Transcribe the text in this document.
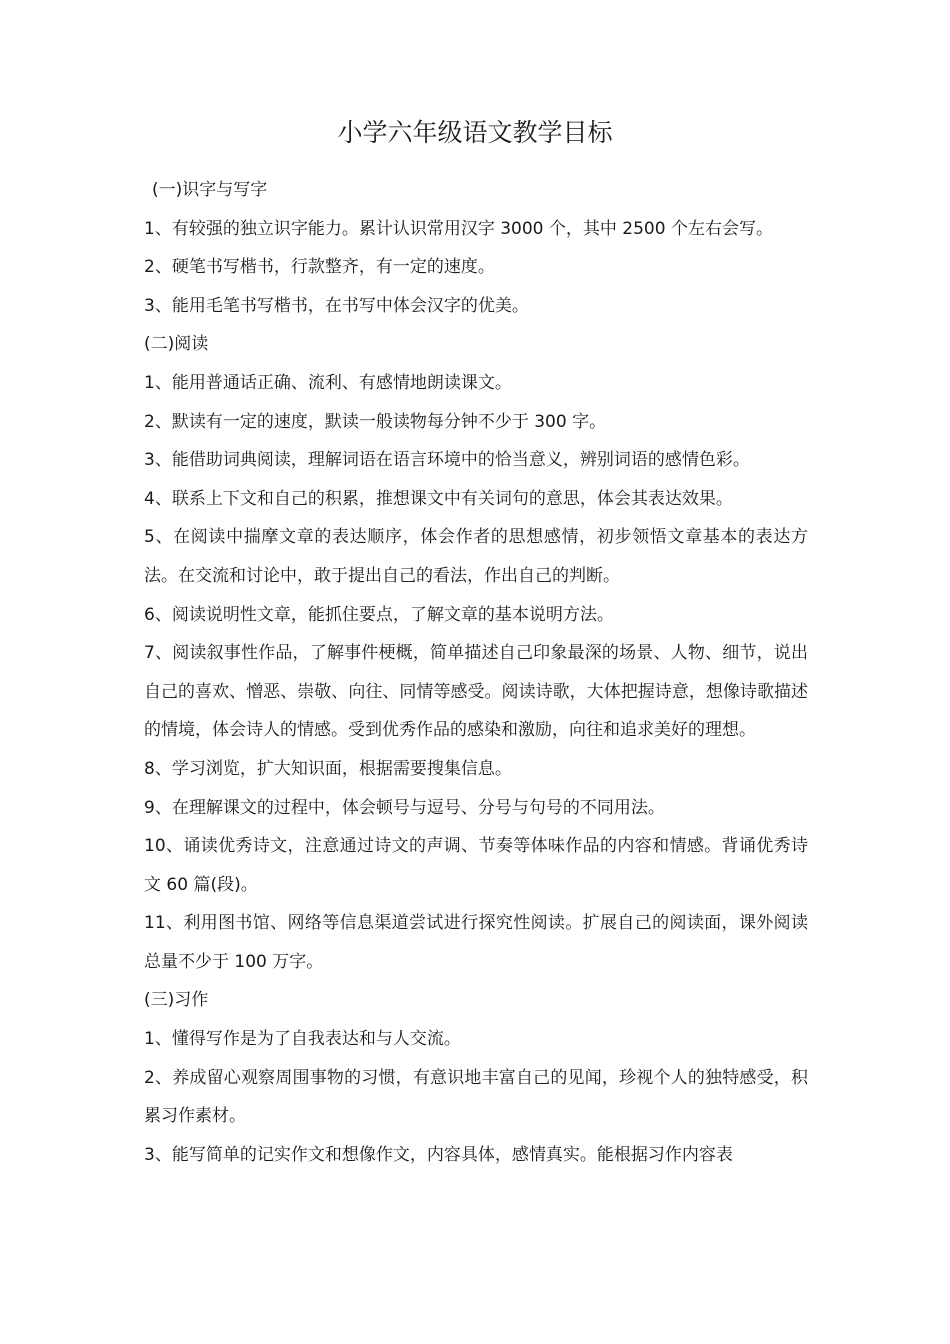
小学六年级语文教学目标

(一)识字与写字

1、有较强的独立识字能力。累计认识常用汉字 3000 个，其中 2500 个左右会写。

2、硬笔书写楷书，行款整齐，有一定的速度。

3、能用毛笔书写楷书，在书写中体会汉字的优美。

(二)阅读

1、能用普通话正确、流利、有感情地朗读课文。

2、默读有一定的速度，默读一般读物每分钟不少于 300 字。

3、能借助词典阅读，理解词语在语言环境中的恰当意义，辨别词语的感情色彩。

4、联系上下文和自己的积累，推想课文中有关词句的意思，体会其表达效果。

5、在阅读中揣摩文章的表达顺序，体会作者的思想感情，初步领悟文章基本的表达方法。在交流和讨论中，敢于提出自己的看法，作出自己的判断。

6、阅读说明性文章，能抓住要点，了解文章的基本说明方法。

7、阅读叙事性作品，了解事件梗概，简单描述自己印象最深的场景、人物、细节，说出自己的喜欢、憎恶、崇敬、向往、同情等感受。阅读诗歌，大体把握诗意，想像诗歌描述的情境，体会诗人的情感。受到优秀作品的感染和激励，向往和追求美好的理想。

8、学习浏览，扩大知识面，根据需要搜集信息。

9、在理解课文的过程中，体会顿号与逗号、分号与句号的不同用法。

10、诵读优秀诗文，注意通过诗文的声调、节奏等体味作品的内容和情感。背诵优秀诗文 60 篇(段)。

11、利用图书馆、网络等信息渠道尝试进行探究性阅读。扩展自己的阅读面，课外阅读总量不少于 100 万字。

(三)习作

1、懂得写作是为了自我表达和与人交流。

2、养成留心观察周围事物的习惯，有意识地丰富自己的见闻，珍视个人的独特感受，积累习作素材。

3、能写简单的记实作文和想像作文，内容具体，感情真实。能根据习作内容表
